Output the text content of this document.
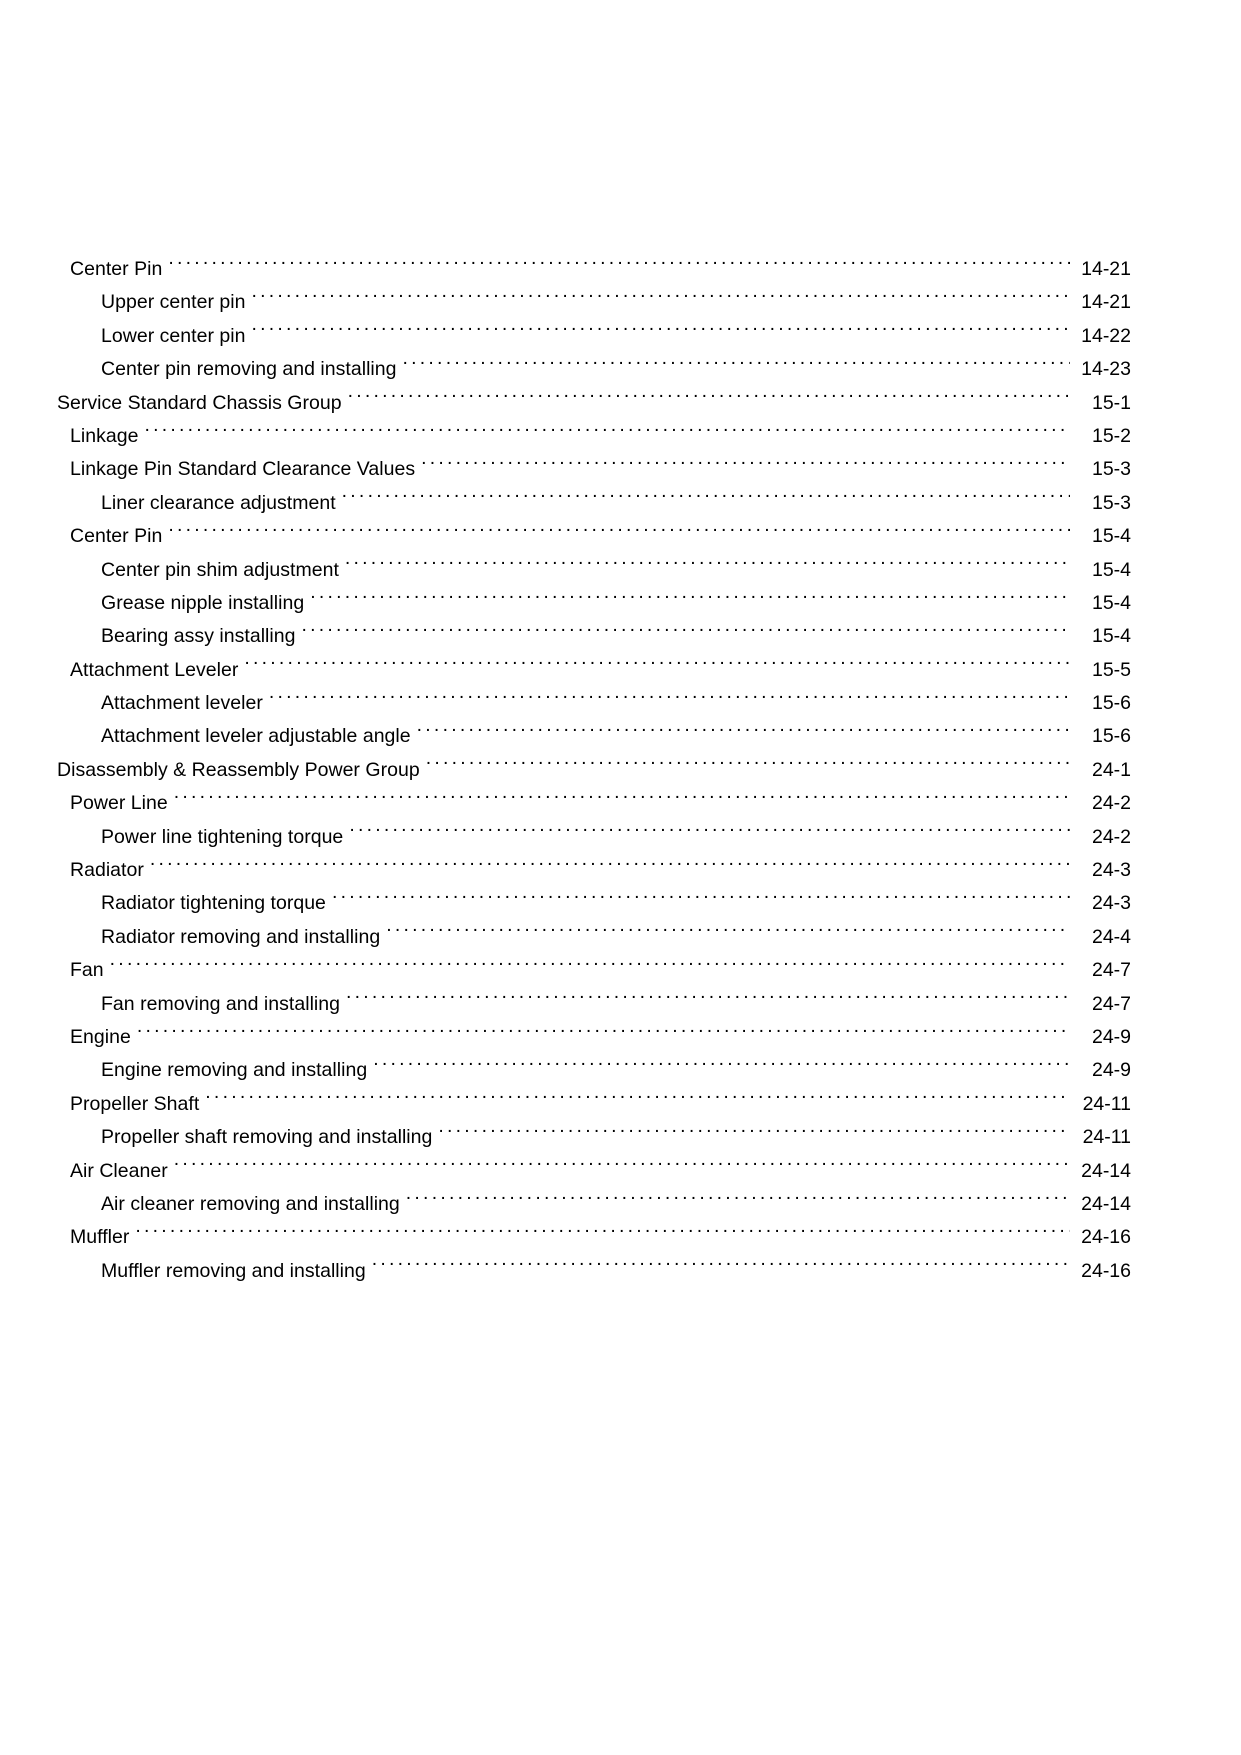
Center Pin . . .	14-21
Upper center pin . . .	14-21
Lower center pin . . .	14-22
Center pin removing and installing . . .	14-23
Service Standard Chassis Group . . .	15-1
Linkage . . .	15-2
Linkage Pin Standard Clearance Values . . .	15-3
Liner clearance adjustment . . .	15-3
Center Pin . . .	15-4
Center pin shim adjustment . . .	15-4
Grease nipple installing . . .	15-4
Bearing assy installing . . .	15-4
Attachment Leveler . . .	15-5
Attachment leveler . . .	15-6
Attachment leveler adjustable angle . . .	15-6
Disassembly & Reassembly Power Group . . .	24-1
Power Line . . .	24-2
Power line tightening torque . . .	24-2
Radiator . . .	24-3
Radiator tightening torque . . .	24-3
Radiator removing and installing . . .	24-4
Fan . . .	24-7
Fan removing and installing . . .	24-7
Engine . . .	24-9
Engine removing and installing . . .	24-9
Propeller Shaft . . .	24-11
Propeller shaft removing and installing . . .	24-11
Air Cleaner . . .	24-14
Air cleaner removing and installing . . .	24-14
Muffler . . .	24-16
Muffler removing and installing . . .	24-16
